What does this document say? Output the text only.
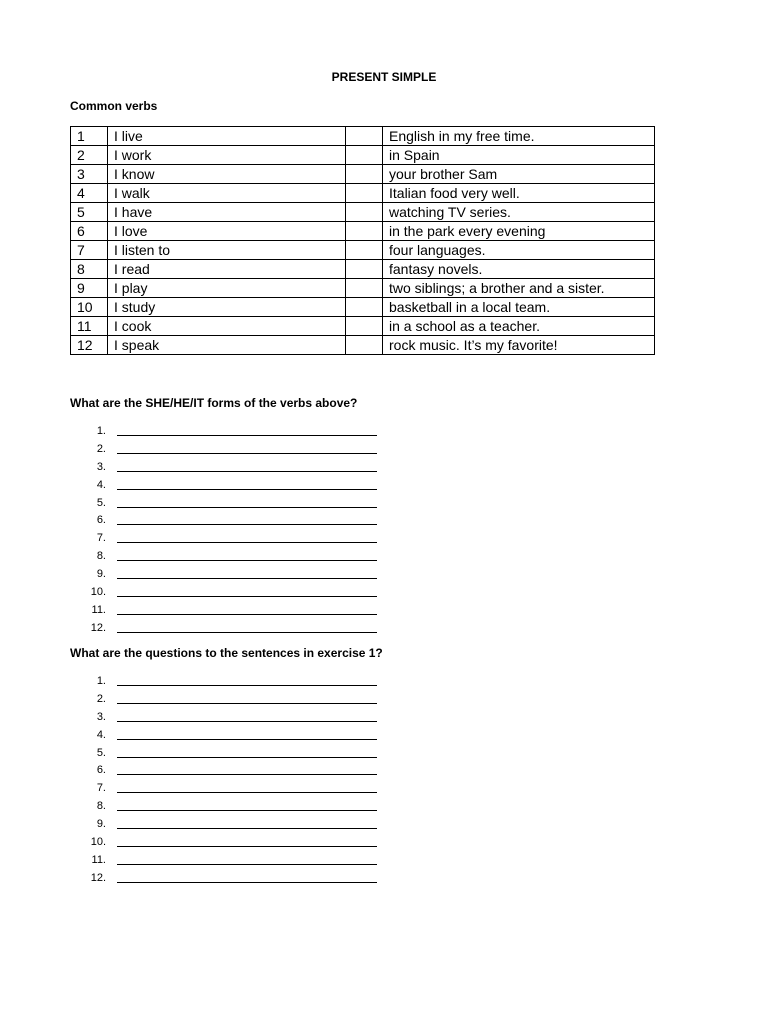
PRESENT SIMPLE
Common verbs
1	I live		English in my free time.
2	I work		in Spain
3	I know		your brother Sam
4	I walk		Italian food very well.
5	I have		watching TV series.
6	I love		in the park every evening
7	I listen to		four languages.
8	I read		fantasy novels.
9	I play		two siblings; a brother and a sister.
10	I study		basketball in a local team.
11	I cook		in a school as a teacher.
12	I speak		rock music. It’s my favorite!
What are the SHE/HE/IT forms of the verbs above?
1.
2.
3.
4.
5.
6.
7.
8.
9.
10.
11.
12.
What are the questions to the sentences in exercise 1?
1.
2.
3.
4.
5.
6.
7.
8.
9.
10.
11.
12.
